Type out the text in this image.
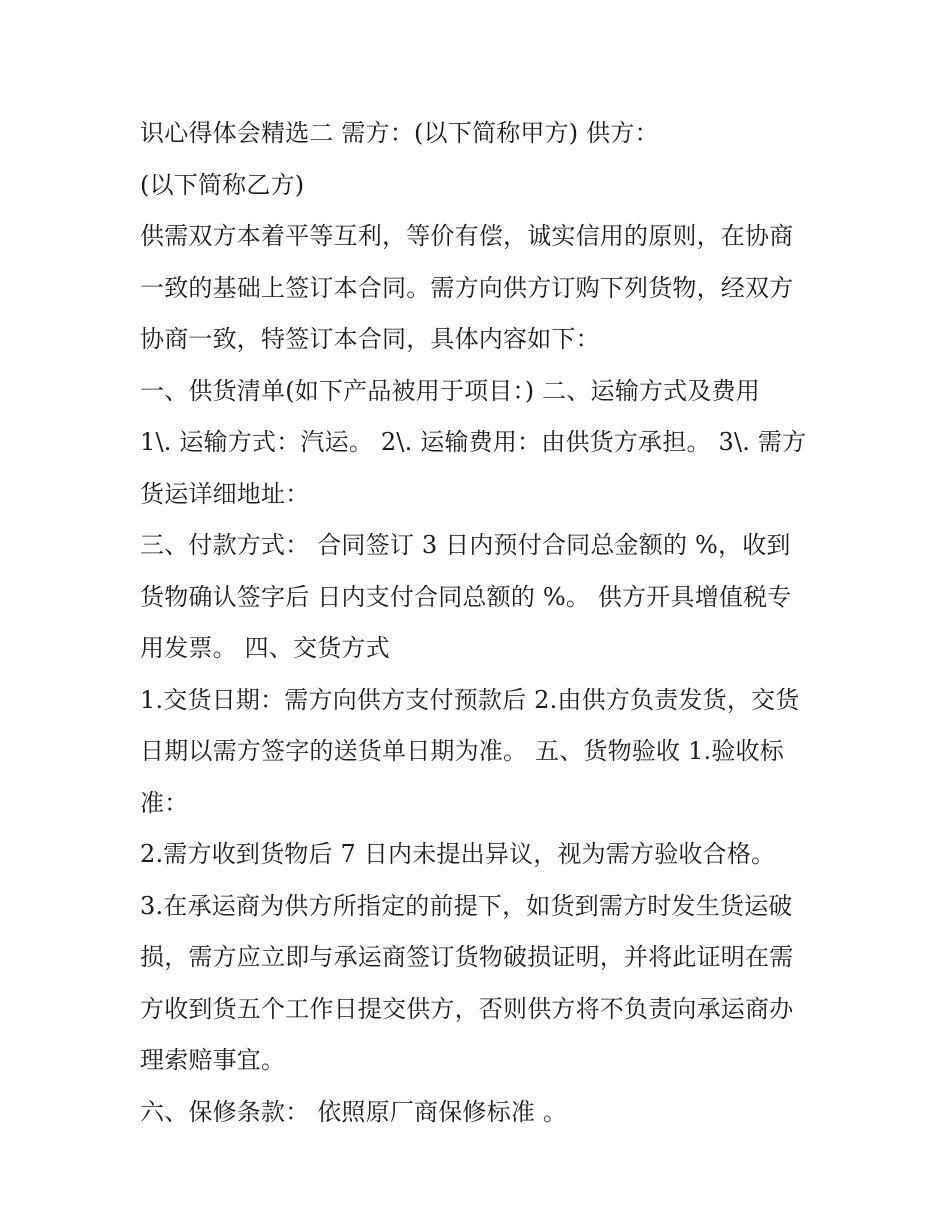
识心得体会精选二 需方：(以下简称甲方) 供方：
(以下简称乙方)
供需双方本着平等互利，等价有偿，诚实信用的原则，在协商
一致的基础上签订本合同。需方向供方订购下列货物，经双方
协商一致，特签订本合同，具体内容如下：
一、供货清单(如下产品被用于项目：) 二、运输方式及费用
1\. 运输方式：汽运。 2\. 运输费用：由供货方承担。 3\. 需方
货运详细地址：
三、付款方式： 合同签订 3 日内预付合同总金额的 %，收到
货物确认签字后 日内支付合同总额的 %。 供方开具增值税专
用发票。 四、交货方式
1.交货日期：需方向供方支付预款后 2.由供方负责发货，交货
日期以需方签字的送货单日期为准。 五、货物验收 1.验收标
准：
2.需方收到货物后 7 日内未提出异议，视为需方验收合格。
3.在承运商为供方所指定的前提下，如货到需方时发生货运破
损，需方应立即与承运商签订货物破损证明，并将此证明在需
方收到货五个工作日提交供方，否则供方将不负责向承运商办
理索赔事宜。
六、保修条款： 依照原厂商保修标准 。
